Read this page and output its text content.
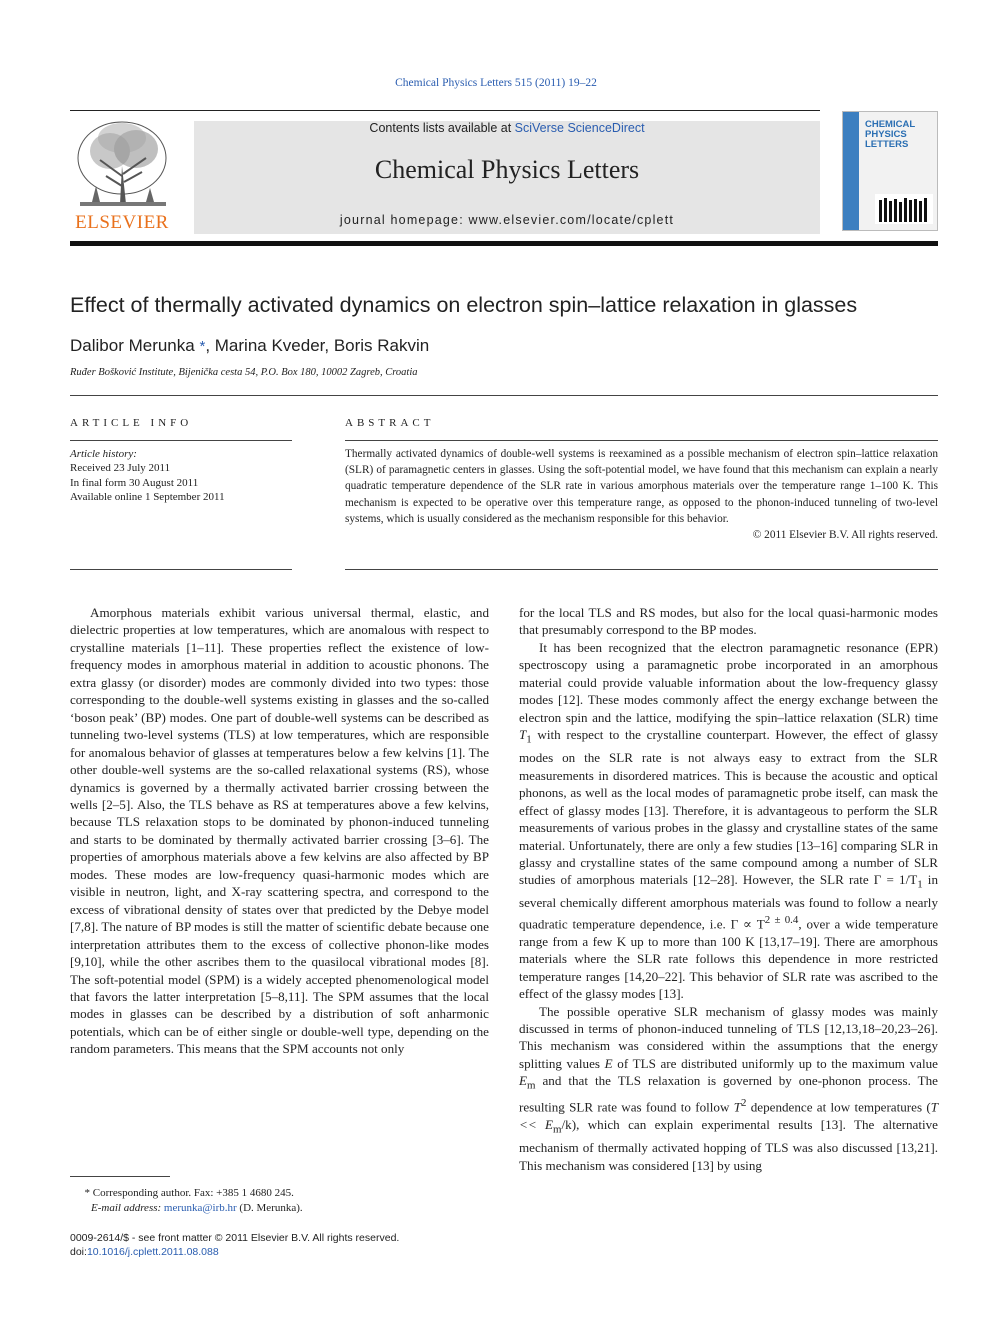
Chemical Physics Letters 515 (2011) 19–22
ELSEVIER
Contents lists available at SciVerse ScienceDirect
Chemical Physics Letters
journal homepage: www.elsevier.com/locate/cplett
CHEMICAL
PHYSICS
LETTERS
Effect of thermally activated dynamics on electron spin–lattice relaxation in glasses
Dalibor Merunka *, Marina Kveder, Boris Rakvin
Ruđer Bošković Institute, Bijenička cesta 54, P.O. Box 180, 10002 Zagreb, Croatia
ARTICLE INFO	ABSTRACT
Article history:
Received 23 July 2011
In final form 30 August 2011
Available online 1 September 2011

Thermally activated dynamics of double-well systems is reexamined as a possible mechanism of electron spin–lattice relaxation (SLR) of paramagnetic centers in glasses. Using the soft-potential model, we have found that this mechanism can explain a nearly quadratic temperature dependence of the SLR rate in various amorphous materials over the temperature range 1–100 K. This mechanism is expected to be operative over this temperature range, as opposed to the phonon-induced tunneling of two-level systems, which is usually considered as the mechanism responsible for this behavior.

© 2011 Elsevier B.V. All rights reserved.

Amorphous materials exhibit various universal thermal, elastic, and dielectric properties at low temperatures, which are anomalous with respect to crystalline materials [1–11]. These properties reflect the existence of low-frequency modes in amorphous material in addition to acoustic phonons. The extra glassy (or disorder) modes are commonly divided into two types: those corresponding to the double-well systems existing in glasses and the so-called ‘boson peak’ (BP) modes. One part of double-well systems can be described as tunneling two-level systems (TLS) at low temperatures, which are responsible for anomalous behavior of glasses at temperatures below a few kelvins [1]. The other double-well systems are the so-called relaxational systems (RS), whose dynamics is governed by a thermally activated barrier crossing between the wells [2–5]. Also, the TLS behave as RS at temperatures above a few kelvins, because TLS relaxation stops to be dominated by phonon-induced tunneling and starts to be dominated by thermally activated barrier crossing [3–6]. The properties of amorphous materials above a few kelvins are also affected by BP modes. These modes are low-frequency quasi-harmonic modes which are visible in neutron, light, and X-ray scattering spectra, and correspond to the excess of vibrational density of states over that predicted by the Debye model [7,8]. The nature of BP modes is still the matter of scientific debate because one interpretation attributes them to the excess of collective phonon-like modes [9,10], while the other ascribes them to the quasilocal vibrational modes [8]. The soft-potential model (SPM) is a widely accepted phenomenological model that favors the latter interpretation [5–8,11]. The SPM assumes that the local modes in glasses can be described by a distribution of soft anharmonic potentials, which can be of either single or double-well type, depending on the random parameters. This means that the SPM accounts not only

for the local TLS and RS modes, but also for the local quasi-harmonic modes that presumably correspond to the BP modes.

It has been recognized that the electron paramagnetic resonance (EPR) spectroscopy using a paramagnetic probe incorporated in an amorphous material could provide valuable information about the low-frequency glassy modes [12]. These modes commonly affect the energy exchange between the electron spin and the lattice, modifying the spin–lattice relaxation (SLR) time $T_1$ with respect to the crystalline counterpart. However, the effect of glassy modes on the SLR rate is not always easy to extract from the SLR measurements in disordered matrices. This is because the acoustic and optical phonons, as well as the local modes of paramagnetic probe itself, can mask the effect of glassy modes [13]. Therefore, it is advantageous to perform the SLR measurements of various probes in the glassy and crystalline states of the same material. Unfortunately, there are only a few studies [13–16] comparing SLR in glassy and crystalline states of the same compound among a number of SLR studies of amorphous materials [12–28]. However, the SLR rate $\Gamma = 1/T_1$ in several chemically different amorphous materials was found to follow a nearly quadratic temperature dependence, i.e. $\Gamma \propto T^{2 \pm 0.4}$, over a wide temperature range from a few K up to more than 100 K [13,17–19]. There are amorphous materials where the SLR rate follows this dependence in more restricted temperature ranges [14,20–22]. This behavior of SLR rate was ascribed to the effect of the glassy modes [13].

The possible operative SLR mechanism of glassy modes was mainly discussed in terms of phonon-induced tunneling of TLS [12,13,18–20,23–26]. This mechanism was considered within the assumptions that the energy splitting values E of TLS are distributed uniformly up to the maximum value $E_m$ and that the TLS relaxation is governed by one-phonon process. The resulting SLR rate was found to follow $T^2$ dependence at low temperatures $(T << E_m/k)$, which can explain experimental results [13]. The alternative mechanism of thermally activated hopping of TLS was also discussed [13,21]. This mechanism was considered [13] by using

* Corresponding author. Fax: +385 1 4680 245.
E-mail address: merunka@irb.hr (D. Merunka).
0009-2614/$ - see front matter © 2011 Elsevier B.V. All rights reserved.
doi:10.1016/j.cplett.2011.08.088
